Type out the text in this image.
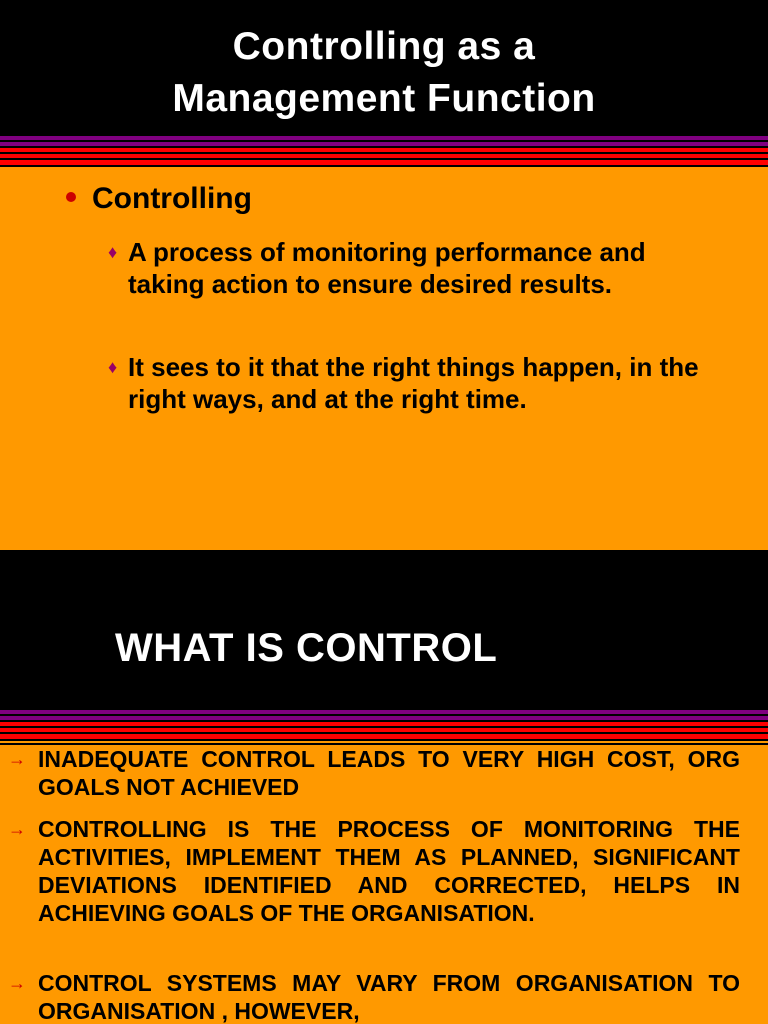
Controlling as a
Management Function
Controlling
♦ A process of monitoring performance and taking action to ensure desired results.
♦ It sees to it that the right things happen, in the right ways, and at the right time.
WHAT IS CONTROL
→ INADEQUATE CONTROL LEADS TO VERY HIGH COST, ORG GOALS NOT ACHIEVED
→ CONTROLLING IS THE PROCESS OF MONITORING THE ACTIVITIES, IMPLEMENT THEM AS PLANNED, SIGNIFICANT DEVIATIONS IDENTIFIED AND CORRECTED, HELPS IN ACHIEVING GOALS OF THE ORGANISATION.
→ CONTROL SYSTEMS MAY VARY FROM ORGANISATION TO ORGANISATION , HOWEVER,
